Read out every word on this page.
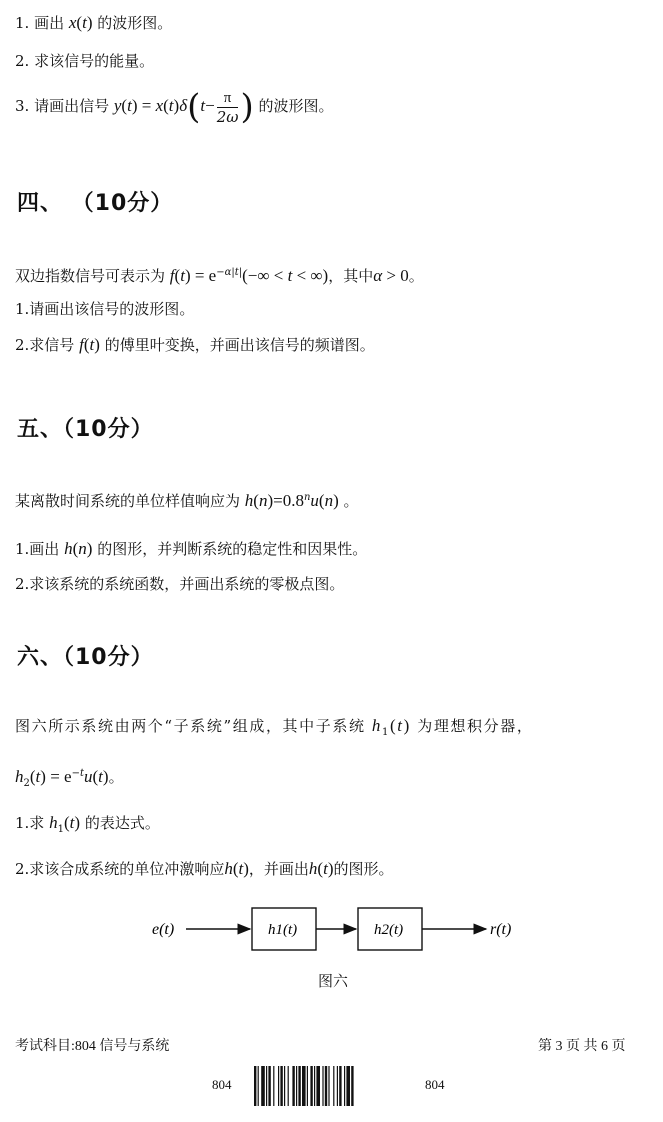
1. 画出 x(t) 的波形图。
2. 求该信号的能量。
3. 请画出信号 $y(t) = x(t)\delta(t- \frac{\pi}{2\omega}$ ) 的波形图。
四、 （10分）
双边指数信号可表示为 $f(t) = e^{-\alpha|t|}(-\infty < t$ < ∞)，其中α > 0。
1.请画出该信号的波形图。
2.求信号 f(t) 的傅里叶变换，并画出该信号的频谱图。
五、（10分）
某离散时间系统的单位样值响应为 $h(n)=0.8^nu(n)$ 。
1.画出 h(n) 的图形，并判断系统的稳定性和因果性。
2.求该系统的系统函数，并画出系统的零极点图。
六、（10分）
图六所示系统由两个“子系统”组成，其中子系统 $h_1(t)$ 为理想积分器，
$h_2(t) = e^{-t}u(t)$。
1.求 $h_1(t)$ 的表达式。
2.求该合成系统的单位冲激响应h(t)，并画出h(t)的图形。
e(t)	h1(t)	h2(t)	r(t)
图六
考试科目:804 信号与系统	第 3 页 共 6 页
804	804
